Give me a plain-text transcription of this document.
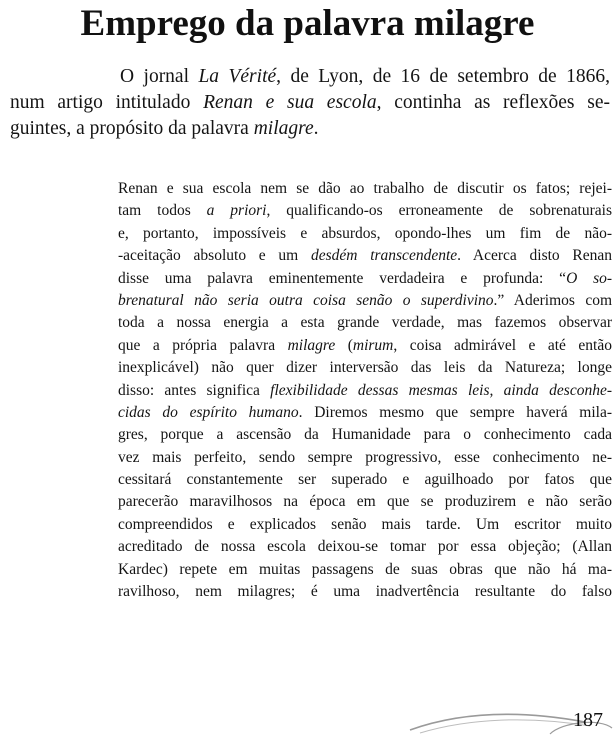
Emprego da palavra milagre
O jornal La Vérité, de Lyon, de 16 de setembro de 1866,
num artigo intitulado Renan e sua escola, continha as reflexões se-
guintes, a propósito da palavra milagre.
Renan e sua escola nem se dão ao trabalho de discutir os fatos; rejei-
tam todos a priori, qualificando-os erroneamente de sobrenaturais
e, portanto, impossíveis e absurdos, opondo-lhes um fim de não-
-aceitação absoluto e um desdém transcendente. Acerca disto Renan
disse uma palavra eminentemente verdadeira e profunda: “O so-
brenatural não seria outra coisa senão o superdivino.” Aderimos com
toda a nossa energia a esta grande verdade, mas fazemos observar
que a própria palavra milagre (mirum, coisa admirável e até então
inexplicável) não quer dizer interversão das leis da Natureza; longe
disso: antes significa flexibilidade dessas mesmas leis, ainda desconhe-
cidas do espírito humano. Diremos mesmo que sempre haverá mila-
gres, porque a ascensão da Humanidade para o conhecimento cada
vez mais perfeito, sendo sempre progressivo, esse conhecimento ne-
cessitará constantemente ser superado e aguilhoado por fatos que
parecerão maravilhosos na época em que se produzirem e não serão
compreendidos e explicados senão mais tarde. Um escritor muito
acreditado de nossa escola deixou-se tomar por essa objeção; (Allan
Kardec) repete em muitas passagens de suas obras que não há ma-
ravilhoso, nem milagres; é uma inadvertência resultante do falso
187
